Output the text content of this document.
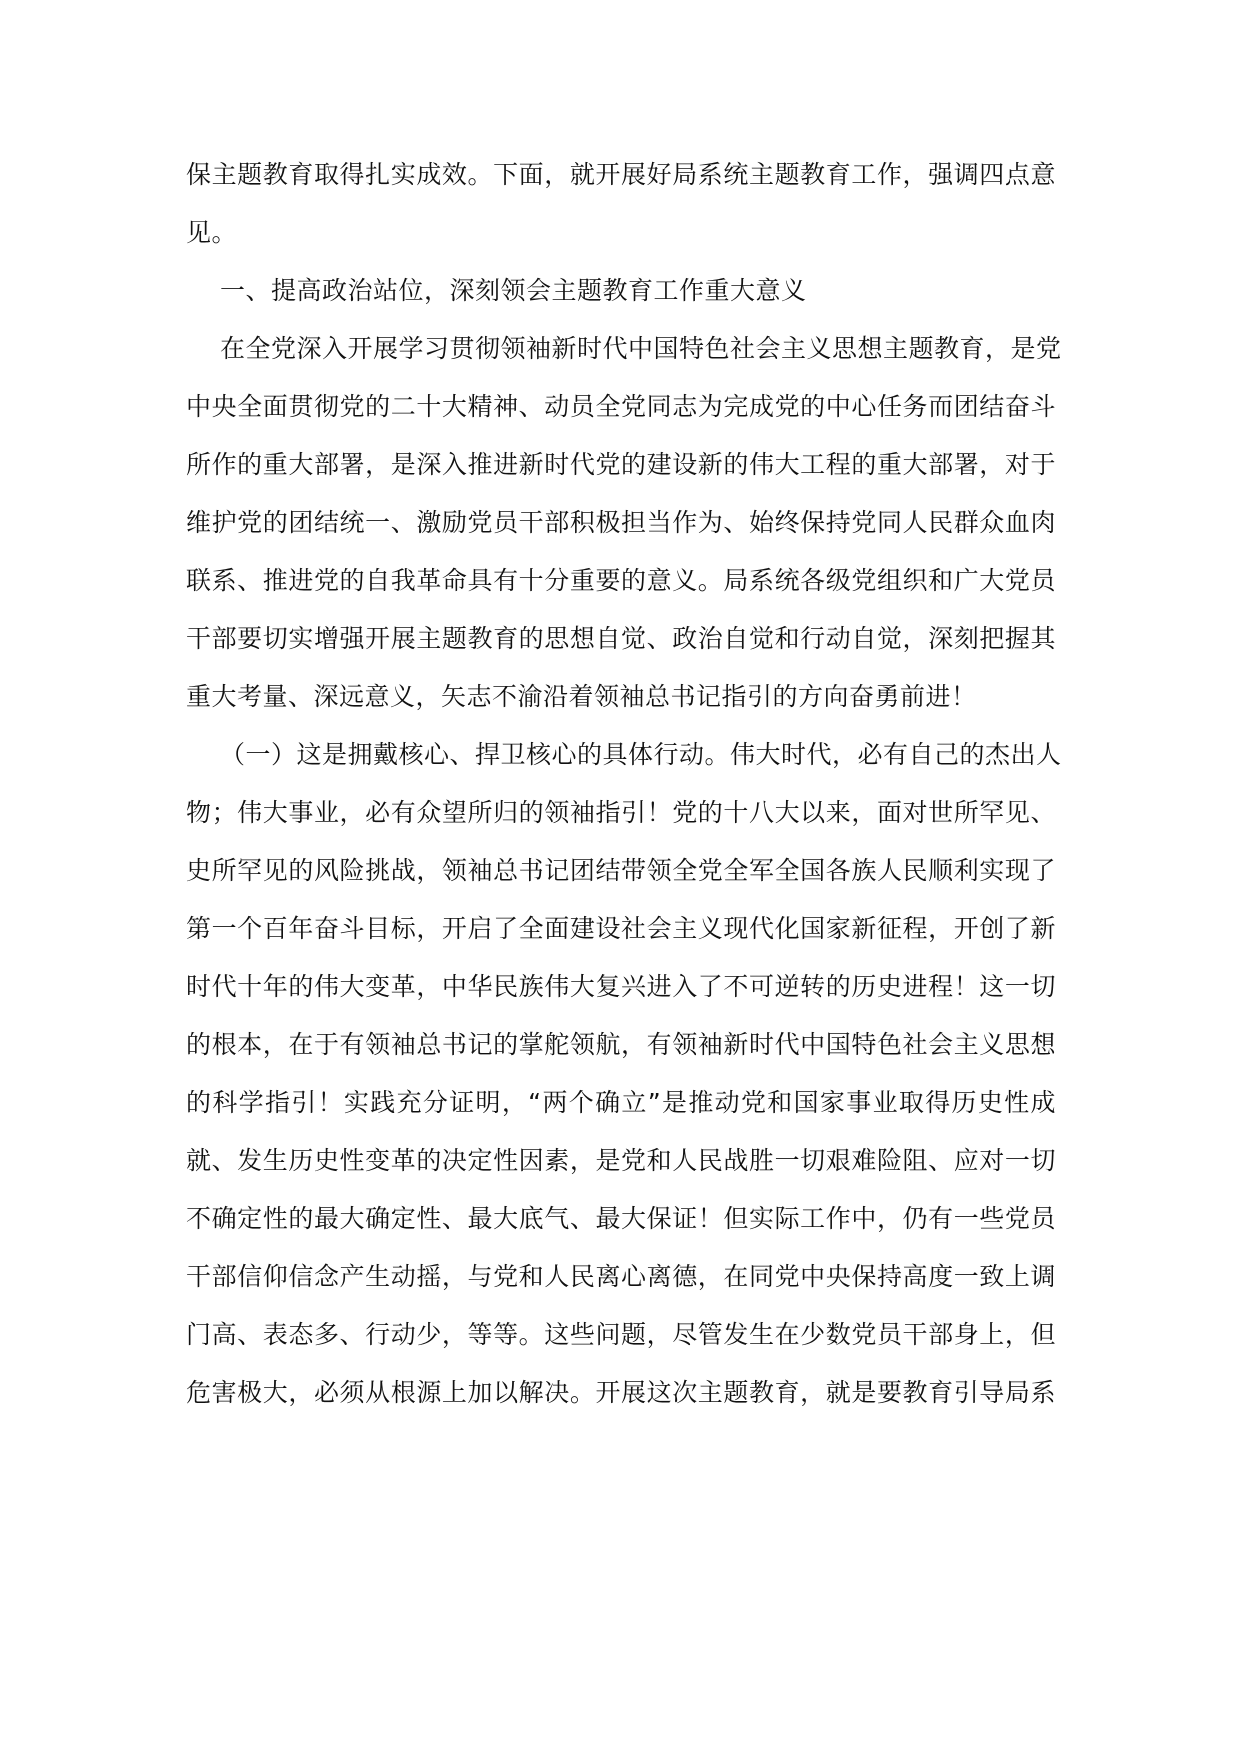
保主题教育取得扎实成效。下面，就开展好局系统主题教育工作，强调四点意
见。
一、提高政治站位，深刻领会主题教育工作重大意义
在全党深入开展学习贯彻领袖新时代中国特色社会主义思想主题教育，是党
中央全面贯彻党的二十大精神、动员全党同志为完成党的中心任务而团结奋斗
所作的重大部署，是深入推进新时代党的建设新的伟大工程的重大部署，对于
维护党的团结统一、激励党员干部积极担当作为、始终保持党同人民群众血肉
联系、推进党的自我革命具有十分重要的意义。局系统各级党组织和广大党员
干部要切实增强开展主题教育的思想自觉、政治自觉和行动自觉，深刻把握其
重大考量、深远意义，矢志不渝沿着领袖总书记指引的方向奋勇前进！
（一）这是拥戴核心、捍卫核心的具体行动。伟大时代，必有自己的杰出人
物；伟大事业，必有众望所归的领袖指引！党的十八大以来，面对世所罕见、
史所罕见的风险挑战，领袖总书记团结带领全党全军全国各族人民顺利实现了
第一个百年奋斗目标，开启了全面建设社会主义现代化国家新征程，开创了新
时代十年的伟大变革，中华民族伟大复兴进入了不可逆转的历史进程！这一切
的根本，在于有领袖总书记的掌舵领航，有领袖新时代中国特色社会主义思想
的科学指引！实践充分证明，“两个确立”是推动党和国家事业取得历史性成
就、发生历史性变革的决定性因素，是党和人民战胜一切艰难险阻、应对一切
不确定性的最大确定性、最大底气、最大保证！但实际工作中，仍有一些党员
干部信仰信念产生动摇，与党和人民离心离德，在同党中央保持高度一致上调
门高、表态多、行动少，等等。这些问题，尽管发生在少数党员干部身上，但
危害极大，必须从根源上加以解决。开展这次主题教育，就是要教育引导局系
